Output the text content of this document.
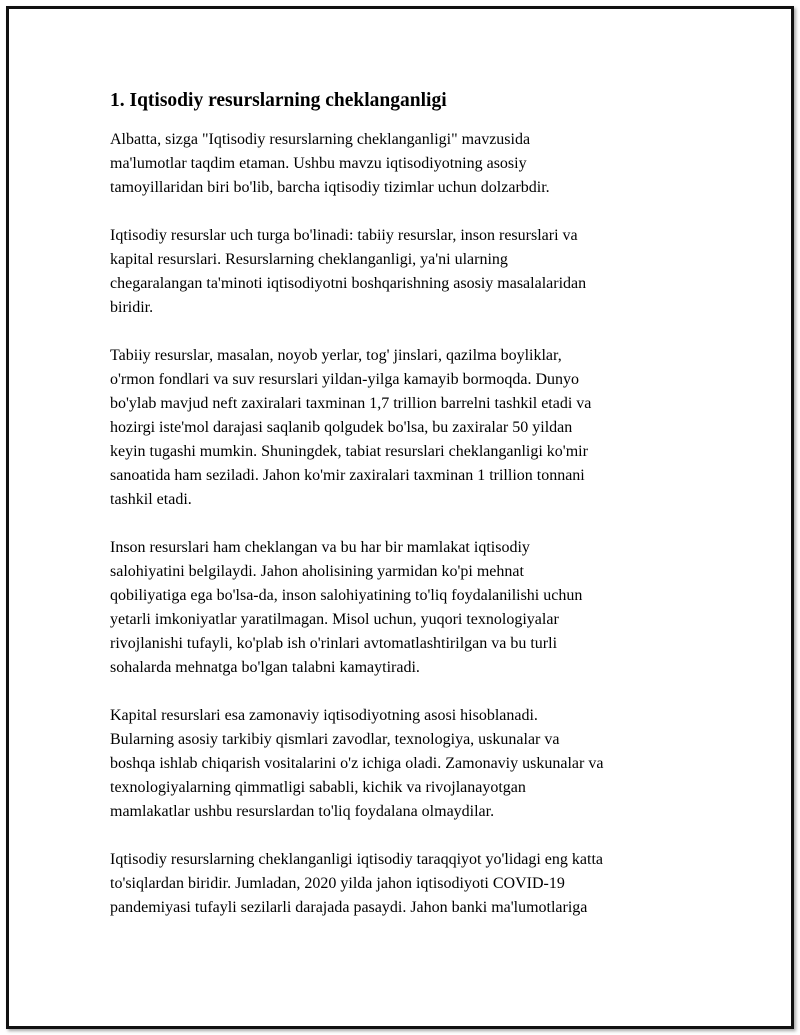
1. Iqtisodiy resurslarning cheklanganligi

Albatta, sizga "Iqtisodiy resurslarning cheklanganligi" mavzusida
ma'lumotlar taqdim etaman. Ushbu mavzu iqtisodiyotning asosiy
tamoyillaridan biri bo'lib, barcha iqtisodiy tizimlar uchun dolzarbdir.

Iqtisodiy resurslar uch turga bo'linadi: tabiiy resurslar, inson resurslari va
kapital resurslari. Resurslarning cheklanganligi, ya'ni ularning
chegaralangan ta'minoti iqtisodiyotni boshqarishning asosiy masalalaridan
biridir.

Tabiiy resurslar, masalan, noyob yerlar, tog' jinslari, qazilma boyliklar,
o'rmon fondlari va suv resurslari yildan-yilga kamayib bormoqda. Dunyo
bo'ylab mavjud neft zaxiralari taxminan 1,7 trillion barrelni tashkil etadi va
hozirgi iste'mol darajasi saqlanib qolgudek bo'lsa, bu zaxiralar 50 yildan
keyin tugashi mumkin. Shuningdek, tabiat resurslari cheklanganligi ko'mir
sanoatida ham seziladi. Jahon ko'mir zaxiralari taxminan 1 trillion tonnani
tashkil etadi.

Inson resurslari ham cheklangan va bu har bir mamlakat iqtisodiy
salohiyatini belgilaydi. Jahon aholisining yarmidan ko'pi mehnat
qobiliyatiga ega bo'lsa-da, inson salohiyatining to'liq foydalanilishi uchun
yetarli imkoniyatlar yaratilmagan. Misol uchun, yuqori texnologiyalar
rivojlanishi tufayli, ko'plab ish o'rinlari avtomatlashtirilgan va bu turli
sohalarda mehnatga bo'lgan talabni kamaytiradi.

Kapital resurslari esa zamonaviy iqtisodiyotning asosi hisoblanadi.
Bularning asosiy tarkibiy qismlari zavodlar, texnologiya, uskunalar va
boshqa ishlab chiqarish vositalarini o'z ichiga oladi. Zamonaviy uskunalar va
texnologiyalarning qimmatligi sababli, kichik va rivojlanayotgan
mamlakatlar ushbu resurslardan to'liq foydalana olmaydilar.

Iqtisodiy resurslarning cheklanganligi iqtisodiy taraqqiyot yo'lidagi eng katta
to'siqlardan biridir. Jumladan, 2020 yilda jahon iqtisodiyoti COVID-19
pandemiyasi tufayli sezilarli darajada pasaydi. Jahon banki ma'lumotlariga
